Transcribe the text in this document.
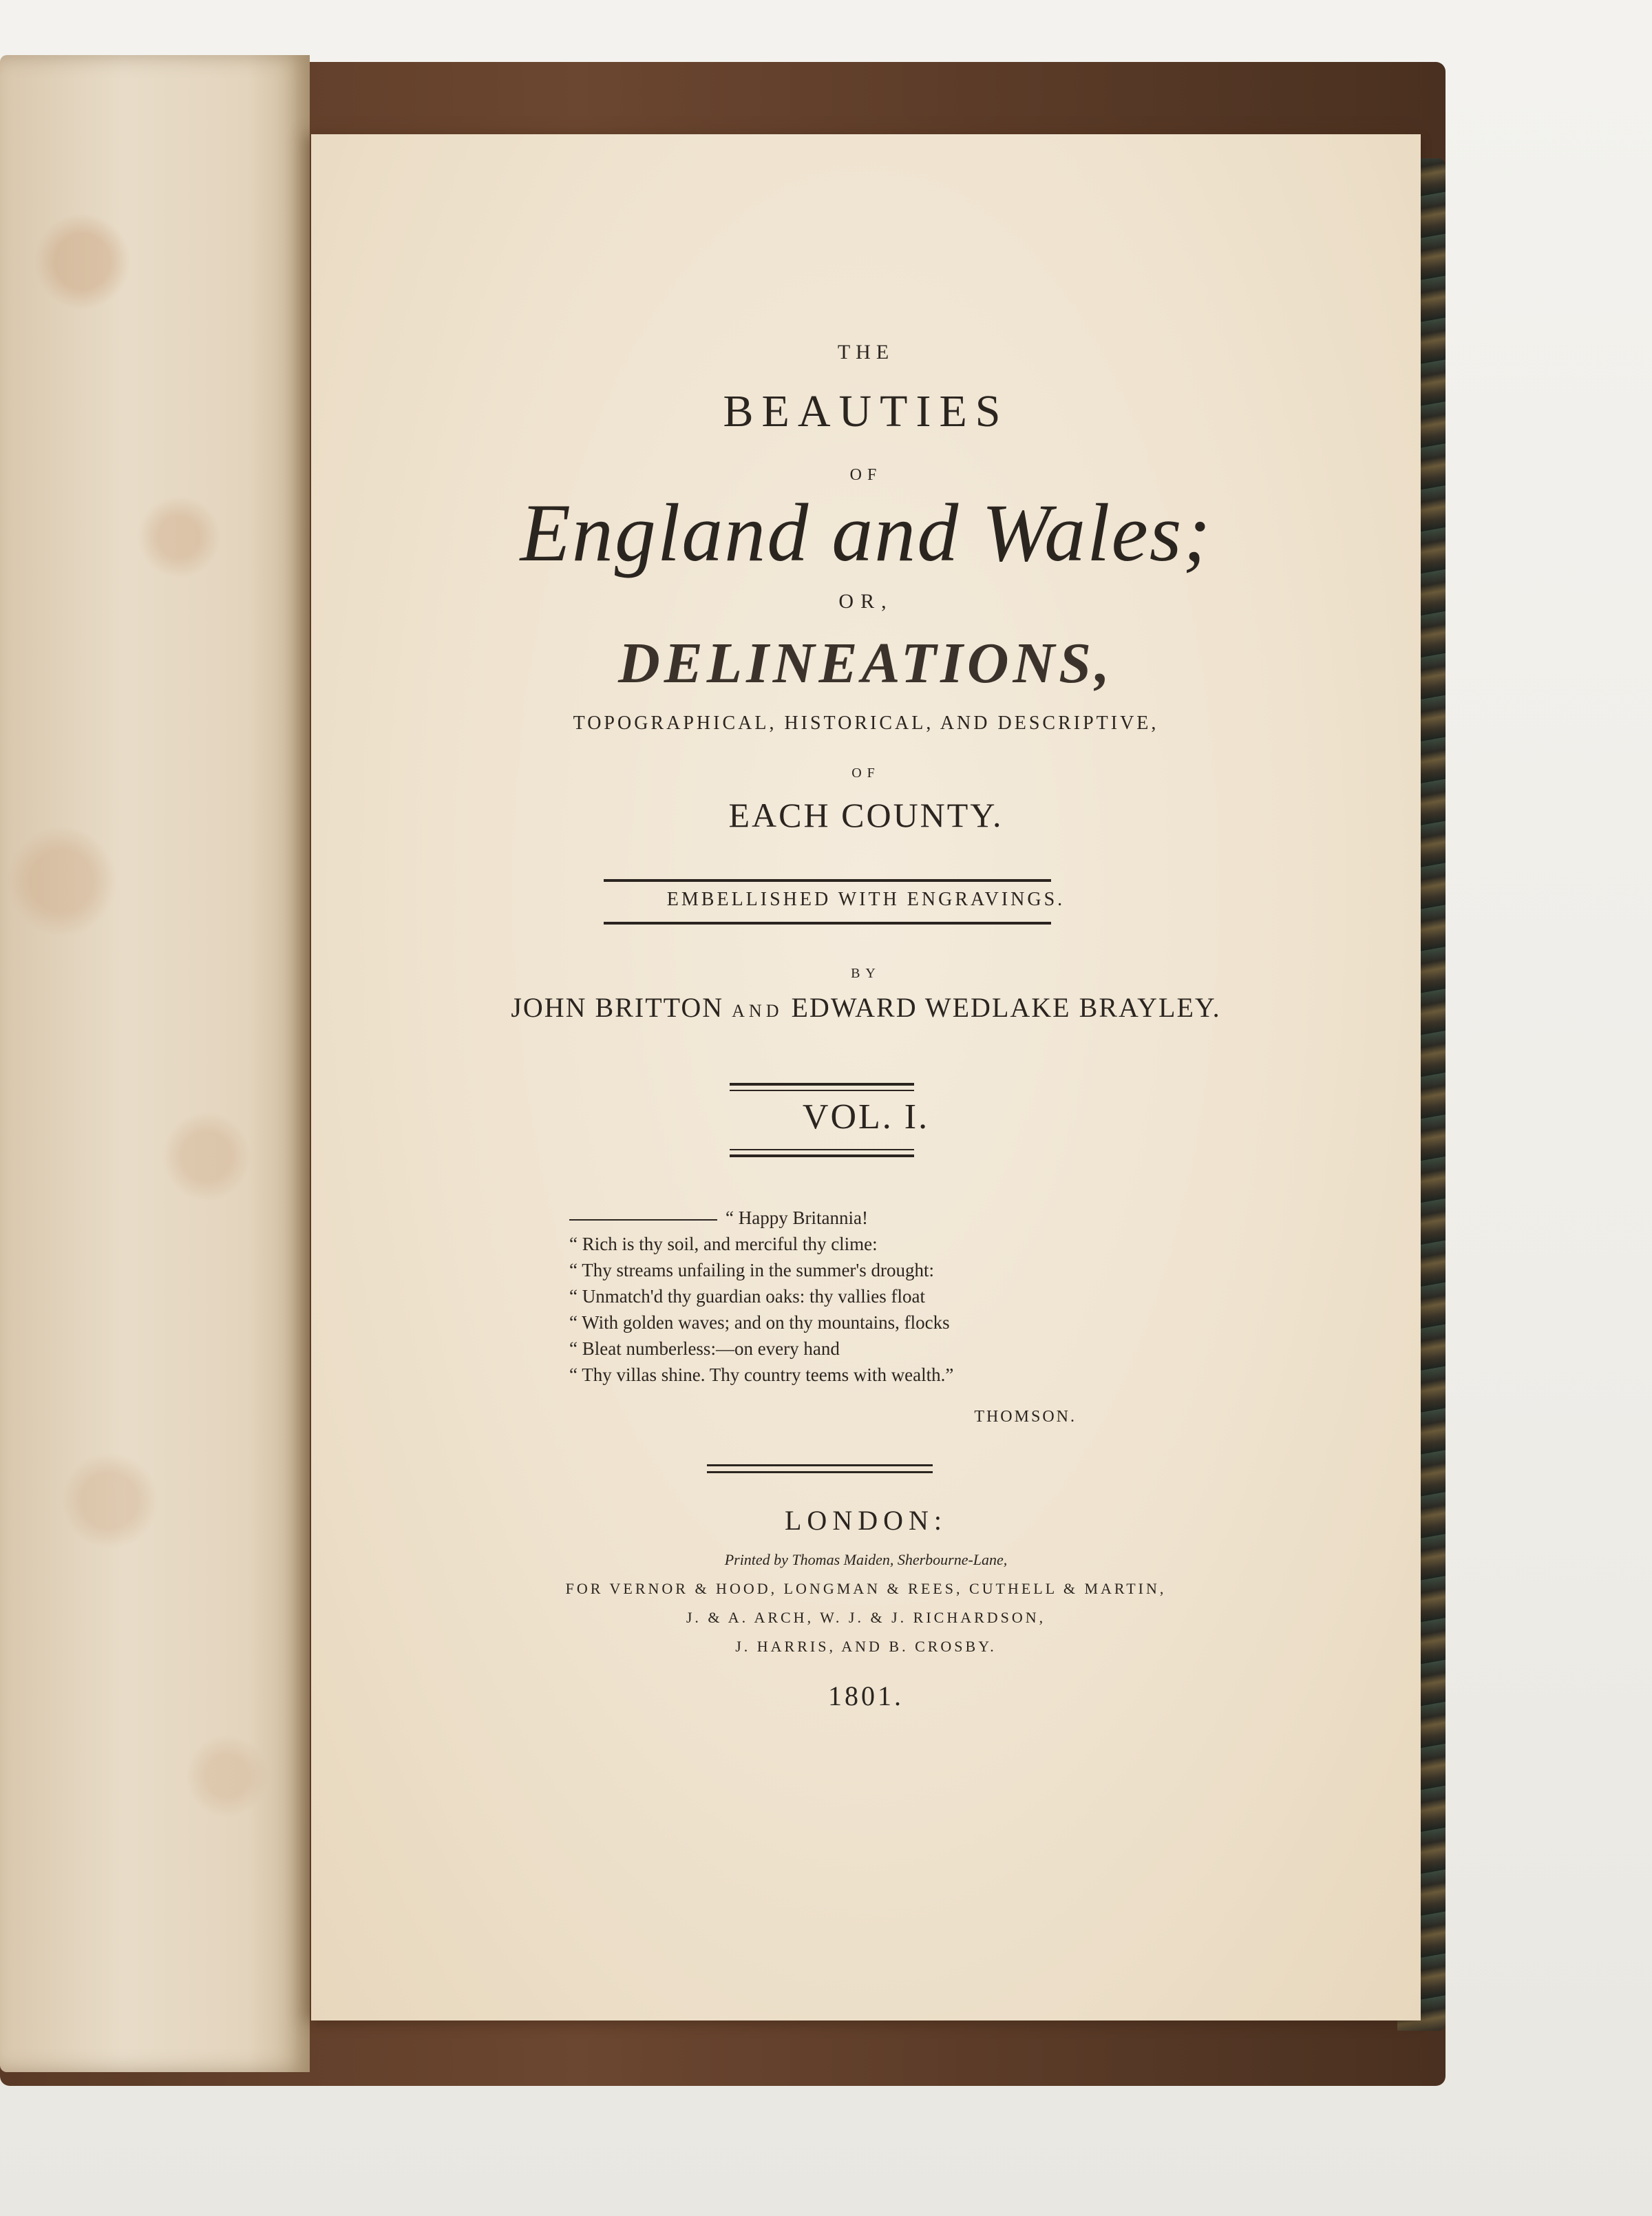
THE
BEAUTIES
OF
England and Wales;
OR,
DELINEATIONS,
TOPOGRAPHICAL, HISTORICAL, AND DESCRIPTIVE,
OF
EACH COUNTY.
EMBELLISHED WITH ENGRAVINGS.
BY
JOHN BRITTON AND EDWARD WEDLAKE BRAYLEY.
VOL. I.
“ Happy Britannia!
“ Rich is thy soil, and merciful thy clime:
“ Thy streams unfailing in the summer's drought:
“ Unmatch'd thy guardian oaks: thy vallies float
“ With golden waves; and on thy mountains, flocks
“ Bleat numberless:—on every hand
“ Thy villas shine. Thy country teems with wealth.”
THOMSON.
LONDON:
Printed by Thomas Maiden, Sherbourne-Lane,
FOR VERNOR & HOOD, LONGMAN & REES, CUTHELL & MARTIN,
J. & A. ARCH, W. J. & J. RICHARDSON,
J. HARRIS, AND B. CROSBY.
1801.
